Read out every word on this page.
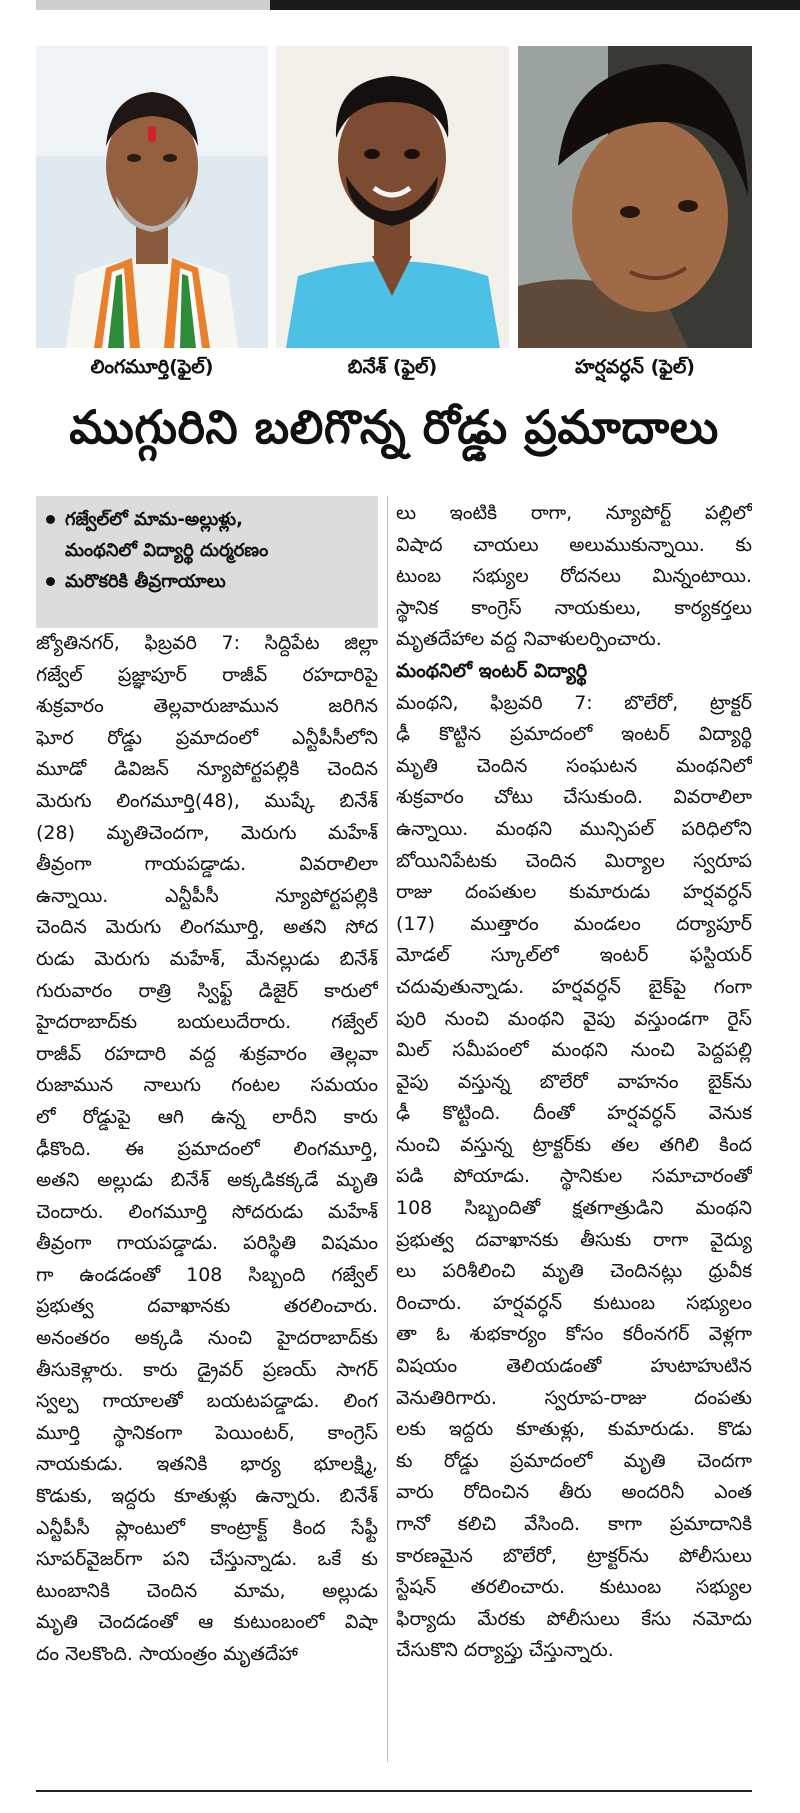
లింగమూర్తి(ఫైల్)	బినేశ్ (ఫైల్)	హర్షవర్ధన్ (ఫైల్)
ముగ్గురిని బలిగొన్న రోడ్డు ప్రమాదాలు
గజ్వేల్‌లో మామ-అల్లుళ్లు,
మంథనిలో విద్యార్థి దుర్మరణం
మరొకరికి తీవ్రగాయాలు
జ్యోతినగర్, ఫిబ్రవరి 7: సిద్దిపేట జిల్లా
గజ్వేల్ ప్రజ్ఞాపూర్ రాజీవ్ రహదారిపై
శుక్రవారం తెల్లవారుజామున జరిగిన
ఘోర రోడ్డు ప్రమాదంలో ఎన్టీపీసీలోని
మూడో డివిజన్ న్యూపోర్టపల్లికి చెందిన
మెరుగు లింగమూర్తి(48), ముష్కే బినేశ్
(28) మృతిచెందగా, మెరుగు మహేశ్
తీవ్రంగా గాయపడ్డాడు. వివరాలిలా
ఉన్నాయి. ఎన్టీపీసీ న్యూపోర్టపల్లికి
చెందిన మెరుగు లింగమూర్తి, అతని సోద
రుడు మెరుగు మహేశ్, మేనల్లుడు బినేశ్
గురువారం రాత్రి స్విఫ్ట్ డిజైర్ కారులో
హైదరాబాద్‌కు బయలుదేరారు. గజ్వేల్
రాజీవ్ రహదారి వద్ద శుక్రవారం తెల్లవా
రుజామున నాలుగు గంటల సమయం
లో రోడ్డుపై ఆగి ఉన్న లారీని కారు
ఢీకొంది. ఈ ప్రమాదంలో లింగమూర్తి,
అతని అల్లుడు బినేశ్ అక్కడికక్కడే మృతి
చెందారు. లింగమూర్తి సోదరుడు మహేశ్
తీవ్రంగా గాయపడ్డాడు. పరిస్థితి విషమం
గా ఉండడంతో 108 సిబ్బంది గజ్వేల్
ప్రభుత్వ దవాఖానకు తరలించారు.
అనంతరం అక్కడి నుంచి హైదరాబాద్‌కు
తీసుకెళ్లారు. కారు డ్రైవర్ ప్రణయ్ సాగర్
స్వల్ప గాయాలతో బయటపడ్డాడు. లింగ
మూర్తి స్థానికంగా పెయింటర్, కాంగ్రెస్
నాయకుడు. ఇతనికి భార్య భూలక్ష్మి,
కొడుకు, ఇద్దరు కూతుళ్లు ఉన్నారు. బినేశ్
ఎన్టీపీసీ ప్లాంటులో కాంట్రాక్ట్ కింద సేఫ్టీ
సూపర్‌వైజర్‌గా పని చేస్తున్నాడు. ఒకే కు
టుంబానికి చెందిన మామ, అల్లుడు
మృతి చెందడంతో ఆ కుటుంబంలో విషా
దం నెలకొంది. సాయంత్రం మృతదేహా
లు ఇంటికి రాగా, న్యూపోర్ట్ పల్లిలో
విషాద చాయలు అలుముకున్నాయి. కు
టుంబ సభ్యుల రోదనలు మిన్నంటాయి.
స్థానిక కాంగ్రెస్ నాయకులు, కార్యకర్తలు
మృతదేహాల వద్ద నివాళులర్పించారు.
మంథనిలో ఇంటర్ విద్యార్థి
మంథని, ఫిబ్రవరి 7: బొలేరో, ట్రాక్టర్
ఢీ కొట్టిన ప్రమాదంలో ఇంటర్ విద్యార్థి
మృతి చెందిన సంఘటన మంథనిలో
శుక్రవారం చోటు చేసుకుంది. వివరాలిలా
ఉన్నాయి. మంథని మున్సిపల్ పరిధిలోని
బోయినిపేటకు చెందిన మిర్యాల స్వరూప
రాజు దంపతుల కుమారుడు హర్షవర్ధన్
(17) ముత్తారం మండలం దర్యాపూర్
మోడల్ స్కూల్‌లో ఇంటర్ ఫస్టియర్
చదువుతున్నాడు. హర్షవర్ధన్ బైక్‌పై గంగా
పురి నుంచి మంథని వైపు వస్తుండగా రైస్
మిల్ సమీపంలో మంథని నుంచి పెద్దపల్లి
వైపు వస్తున్న బొలేరో వాహనం బైక్‌ను
ఢీ కొట్టింది. దీంతో హర్షవర్ధన్ వెనుక
నుంచి వస్తున్న ట్రాక్టర్‌కు తల తగిలి కింద
పడి పోయాడు. స్థానికుల సమాచారంతో
108 సిబ్బందితో క్షతగాత్రుడిని మంథని
ప్రభుత్వ దవాఖానకు తీసుకు రాగా వైద్యు
లు పరిశీలించి మృతి చెందినట్లు ధ్రువీక
రించారు. హర్షవర్ధన్ కుటుంబ సభ్యులం
తా ఓ శుభకార్యం కోసం కరీంనగర్ వెళ్లగా
విషయం తెలియడంతో హుటాహుటిన
వెనుతిరిగారు. స్వరూప-రాజు దంపతు
లకు ఇద్దరు కూతుళ్లు, కుమారుడు. కొడు
కు రోడ్డు ప్రమాదంలో మృతి చెందగా
వారు రోదించిన తీరు అందరినీ ఎంత
గానో కలిచి వేసింది. కాగా ప్రమాదానికి
కారణమైన బొలేరో, ట్రాక్టర్‌ను పోలీసులు
స్టేషన్ తరలించారు. కుటుంబ సభ్యుల
ఫిర్యాదు మేరకు పోలీసులు కేసు నమోదు
చేసుకొని దర్యాప్తు చేస్తున్నారు.
